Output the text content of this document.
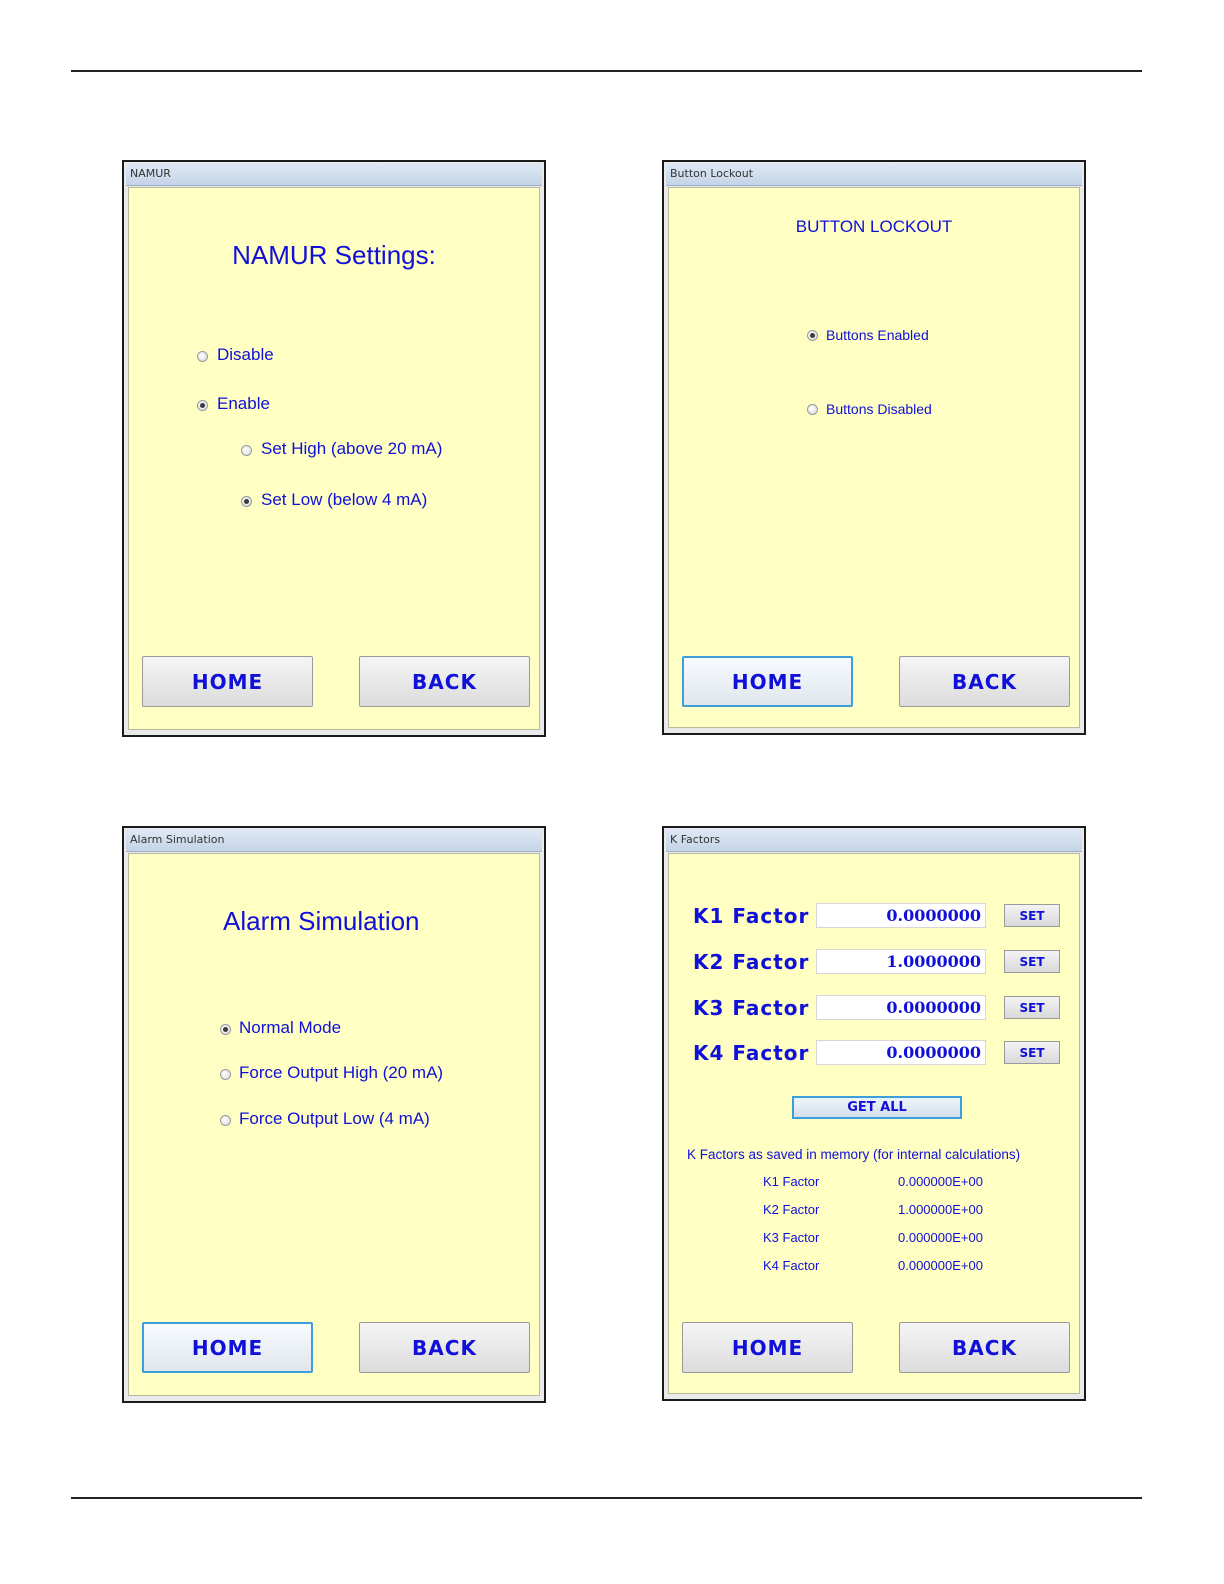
NAMUR
NAMUR Settings:
Disable
Enable
Set High (above 20 mA)
Set Low (below 4 mA)
HOME	BACK
Button Lockout
BUTTON LOCKOUT
Buttons Enabled
Buttons Disabled
HOME	BACK
Alarm Simulation
Alarm Simulation
Normal Mode
Force Output High (20 mA)
Force Output Low (4 mA)
HOME	BACK
K Factors
K1 Factor	0.0000000	SET
K2 Factor	1.0000000	SET
K3 Factor	0.0000000	SET
K4 Factor	0.0000000	SET
GET ALL
K Factors as saved in memory (for internal calculations)
K1 Factor	0.000000E+00
K2 Factor	1.000000E+00
K3 Factor	0.000000E+00
K4 Factor	0.000000E+00
HOME	BACK
